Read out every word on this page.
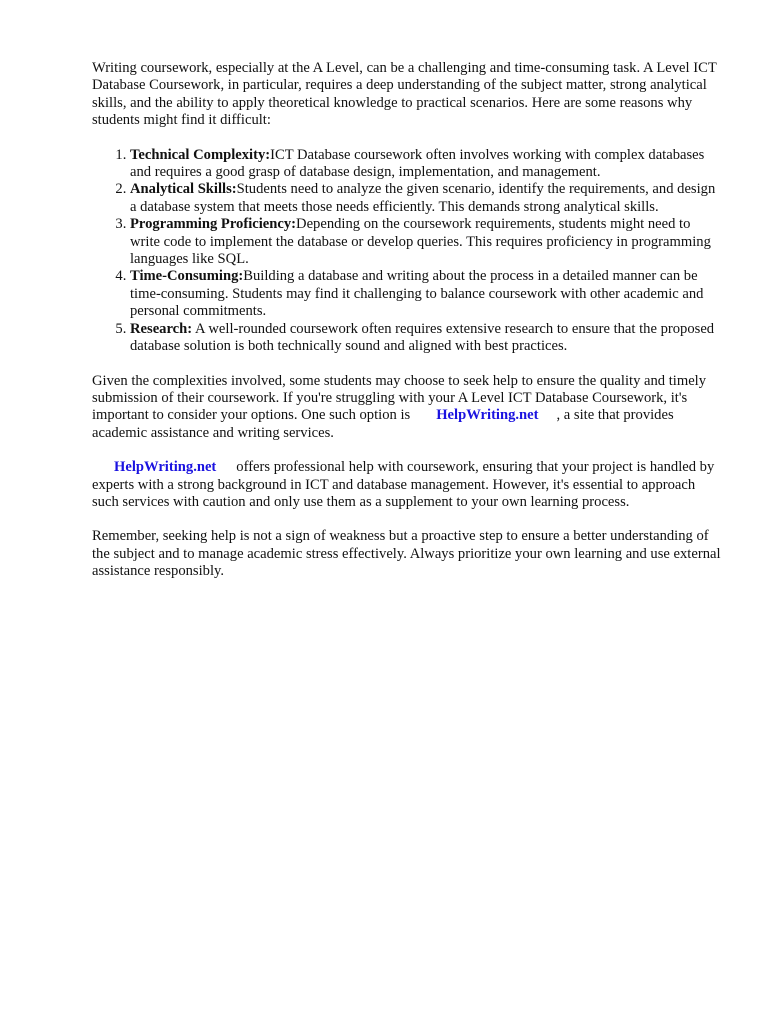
Writing coursework, especially at the A Level, can be a challenging and time-consuming task. A Level ICT Database Coursework, in particular, requires a deep understanding of the subject matter, strong analytical skills, and the ability to apply theoretical knowledge to practical scenarios. Here are some reasons why students might find it difficult:

1. Technical Complexity:ICT Database coursework often involves working with complex databases and requires a good grasp of database design, implementation, and management.
2. Analytical Skills:Students need to analyze the given scenario, identify the requirements, and design a database system that meets those needs efficiently. This demands strong analytical skills.
3. Programming Proficiency:Depending on the coursework requirements, students might need to write code to implement the database or develop queries. This requires proficiency in programming languages like SQL.
4. Time-Consuming:Building a database and writing about the process in a detailed manner can be time-consuming. Students may find it challenging to balance coursework with other academic and personal commitments.
5. Research: A well-rounded coursework often requires extensive research to ensure that the proposed database solution is both technically sound and aligned with best practices.

Given the complexities involved, some students may choose to seek help to ensure the quality and timely submission of their coursework. If you're struggling with your A Level ICT Database Coursework, it's important to consider your options. One such option is HelpWriting.net , a site that provides academic assistance and writing services.

HelpWriting.net offers professional help with coursework, ensuring that your project is handled by experts with a strong background in ICT and database management. However, it's essential to approach such services with caution and only use them as a supplement to your own learning process.

Remember, seeking help is not a sign of weakness but a proactive step to ensure a better understanding of the subject and to manage academic stress effectively. Always prioritize your own learning and use external assistance responsibly.
